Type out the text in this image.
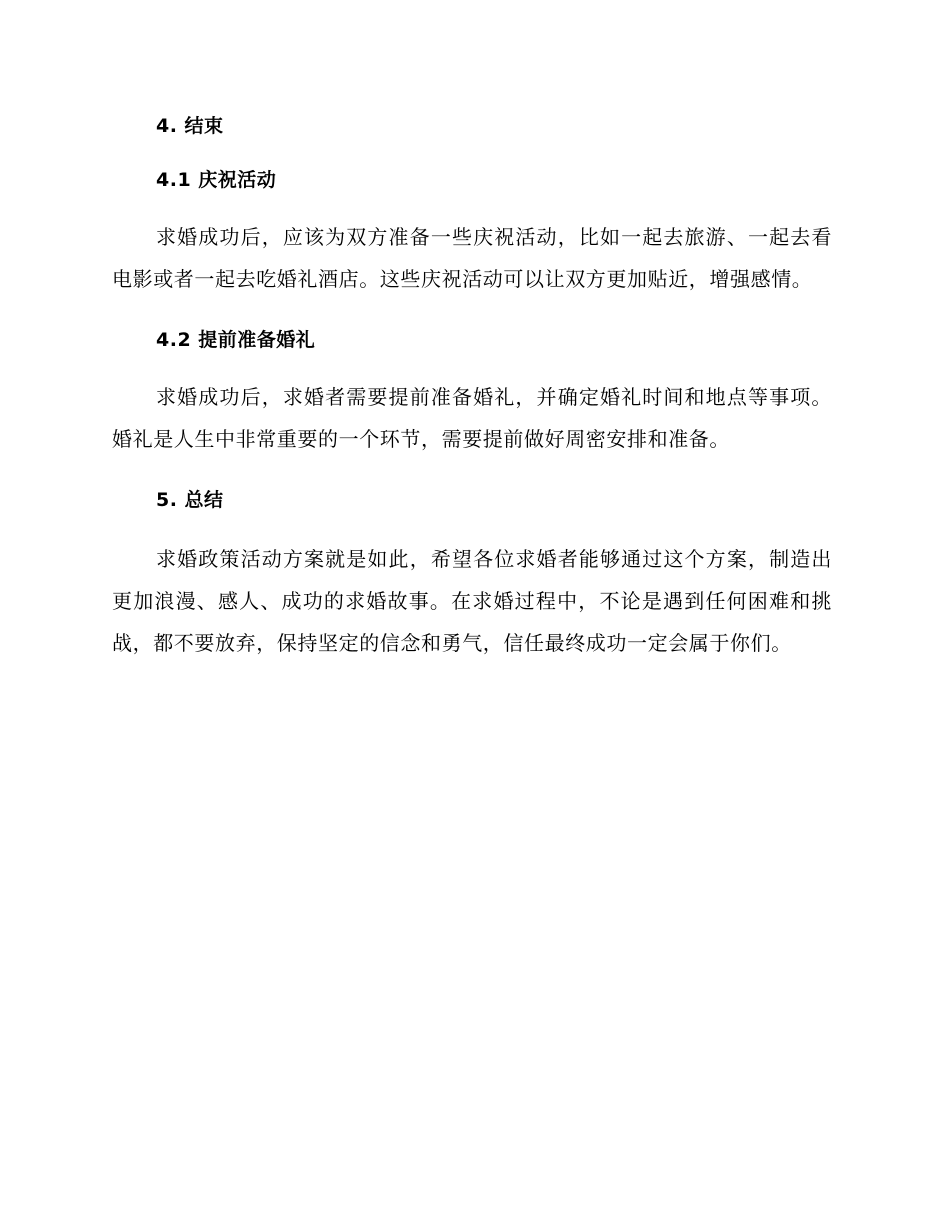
4. 结束
4.1 庆祝活动

求婚成功后，应该为双方准备一些庆祝活动，比如一起去旅游、一起去看电影或者一起去吃婚礼酒店。这些庆祝活动可以让双方更加贴近，增强感情。

4.2 提前准备婚礼

求婚成功后，求婚者需要提前准备婚礼，并确定婚礼时间和地点等事项。婚礼是人生中非常重要的一个环节，需要提前做好周密安排和准备。

5. 总结

求婚政策活动方案就是如此，希望各位求婚者能够通过这个方案，制造出更加浪漫、感人、成功的求婚故事。在求婚过程中，不论是遇到任何困难和挑战，都不要放弃，保持坚定的信念和勇气，信任最终成功一定会属于你们。
